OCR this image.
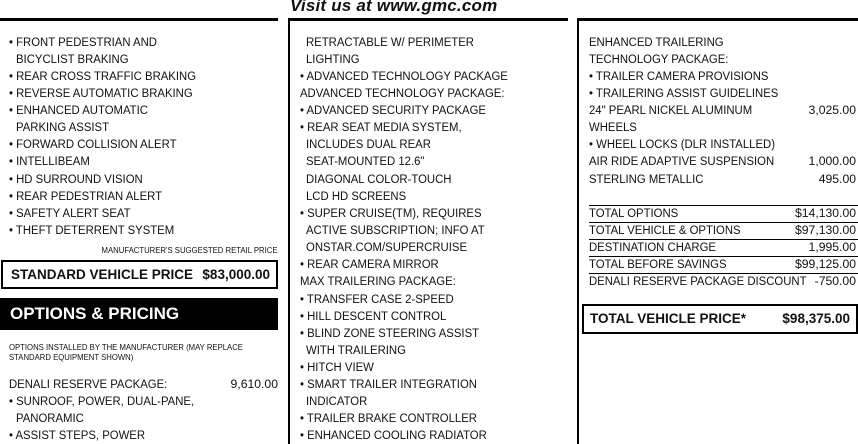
Visit us at www.gmc.com
• FRONT PEDESTRIAN AND
BICYCLIST BRAKING
• REAR CROSS TRAFFIC BRAKING
• REVERSE AUTOMATIC BRAKING
• ENHANCED AUTOMATIC
PARKING ASSIST
• FORWARD COLLISION ALERT
• INTELLIBEAM
• HD SURROUND VISION
• REAR PEDESTRIAN ALERT
• SAFETY ALERT SEAT
• THEFT DETERRENT SYSTEM
MANUFACTURER'S SUGGESTED RETAIL PRICE
STANDARD VEHICLE PRICE $83,000.00
OPTIONS & PRICING
OPTIONS INSTALLED BY THE MANUFACTURER (MAY REPLACE
STANDARD EQUIPMENT SHOWN)
DENALI RESERVE PACKAGE:	9,610.00
• SUNROOF, POWER, DUAL-PANE,
PANORAMIC
• ASSIST STEPS, POWER
RETRACTABLE W/ PERIMETER
LIGHTING
• ADVANCED TECHNOLOGY PACKAGE
ADVANCED TECHNOLOGY PACKAGE:
• ADVANCED SECURITY PACKAGE
• REAR SEAT MEDIA SYSTEM,
INCLUDES DUAL REAR
SEAT-MOUNTED 12.6"
DIAGONAL COLOR-TOUCH
LCD HD SCREENS
• SUPER CRUISE(TM), REQUIRES
ACTIVE SUBSCRIPTION; INFO AT
ONSTAR.COM/SUPERCRUISE
• REAR CAMERA MIRROR
MAX TRAILERING PACKAGE:
• TRANSFER CASE 2-SPEED
• HILL DESCENT CONTROL
• BLIND ZONE STEERING ASSIST
WITH TRAILERING
• HITCH VIEW
• SMART TRAILER INTEGRATION
INDICATOR
• TRAILER BRAKE CONTROLLER
• ENHANCED COOLING RADIATOR
ENHANCED TRAILERING
TECHNOLOGY PACKAGE:
• TRAILER CAMERA PROVISIONS
• TRAILERING ASSIST GUIDELINES
24" PEARL NICKEL ALUMINUM	3,025.00
WHEELS
• WHEEL LOCKS (DLR INSTALLED)
AIR RIDE ADAPTIVE SUSPENSION	1,000.00
STERLING METALLIC	495.00
TOTAL OPTIONS	$14,130.00
TOTAL VEHICLE & OPTIONS	$97,130.00
DESTINATION CHARGE	1,995.00
TOTAL BEFORE SAVINGS	$99,125.00
DENALI RESERVE PACKAGE DISCOUNT -750.00
TOTAL VEHICLE PRICE*	$98,375.00
